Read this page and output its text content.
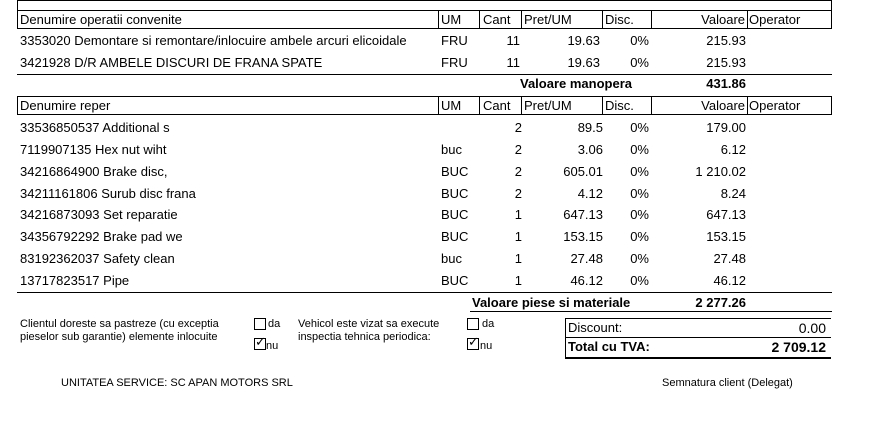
Denumire operatii convenite	UM Cant Pret/UM	Disc.	Valoare Operator
3353020 Demontare si remontare/inlocuire ambele arcuri elicoidale	FRU	11	19.63	0%	215.93
3421928 D/R AMBELE DISCURI DE FRANA SPATE	FRU	11	19.63	0%	215.93
Valoare manopera	431.86
Denumire reper	UM Cant Pret/UM	Disc.	Valoare Operator
33536850537 Additional s	2	89.5	0%	179.00
7119907135 Hex nut wiht	buc	2	3.06	0%	6.12
34216864900 Brake disc,	BUC	2	605.01	0%	1 210.02
34211161806 Surub disc frana	BUC	2	4.12	0%	8.24
34216873093 Set reparatie	BUC	1	647.13	0%	647.13
34356792292 Brake pad we	BUC	1	153.15	0%	153.15
83192362037 Safety clean	buc	1	27.48	0%	27.48
13717823517 Pipe	BUC	1	46.12	0%	46.12
Valoare piese si materiale	2 277.26
Clientul doreste sa pastreze (cu exceptia
pieselor sub garantie) elemente inlocuite
da
✓
nu
Vehicol este vizat sa execute
inspectia tehnica periodica:
da
✓
nu
Discount:	0.00
Total cu TVA:	2 709.12
UNITATEA SERVICE: SC APAN MOTORS SRL	Semnatura client (Delegat)
